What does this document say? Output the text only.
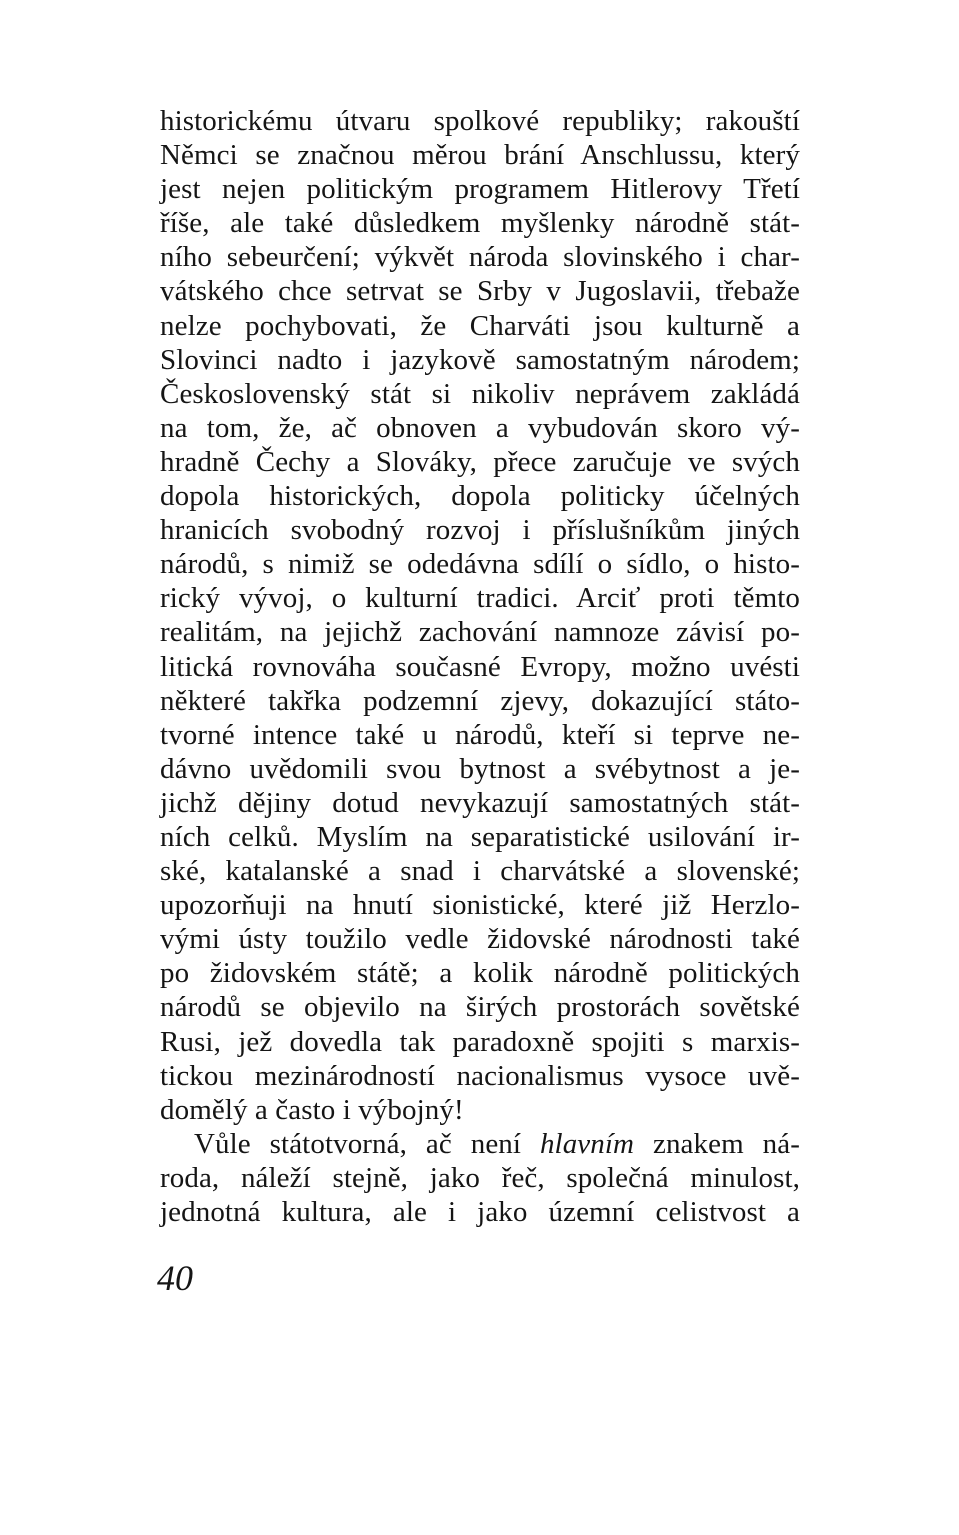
historickému útvaru spolkové republiky; rakouští
Němci se značnou měrou brání Anschlussu, který
jest nejen politickým programem Hitlerovy Třetí
říše, ale také důsledkem myšlenky národně stát-
ního sebeurčení; výkvět národa slovinského i char-
vátského chce setrvat se Srby v Jugoslavii, třebaže
nelze pochybovati, že Charváti jsou kulturně a
Slovinci nadto i jazykově samostatným národem;
Československý stát si nikoliv neprávem zakládá
na tom, že, ač obnoven a vybudován skoro vý-
hradně Čechy a Slováky, přece zaručuje ve svých
dopola historických, dopola politicky účelných
hranicích svobodný rozvoj i příslušníkům jiných
národů, s nimiž se odedávna sdílí o sídlo, o histo-
rický vývoj, o kulturní tradici. Arciť proti těmto
realitám, na jejichž zachování namnoze závisí po-
litická rovnováha současné Evropy, možno uvésti
některé takřka podzemní zjevy, dokazující státo-
tvorné intence také u národů, kteří si teprve ne-
dávno uvědomili svou bytnost a svébytnost a je-
jichž dějiny dotud nevykazují samostatných stát-
ních celků. Myslím na separatistické usilování ir-
ské, katalanské a snad i charvátské a slovenské;
upozorňuji na hnutí sionistické, které již Herzlo-
vými ústy toužilo vedle židovské národnosti také
po židovském státě; a kolik národně politických
národů se objevilo na širých prostorách sovětské
Rusi, jež dovedla tak paradoxně spojiti s marxis-
tickou mezinárodností nacionalismus vysoce uvě-
domělý a často i výbojný!
Vůle státotvorná, ač není hlavním znakem ná-
roda, náleží stejně, jako řeč, společná minulost,
jednotná kultura, ale i jako územní celistvost a
40
